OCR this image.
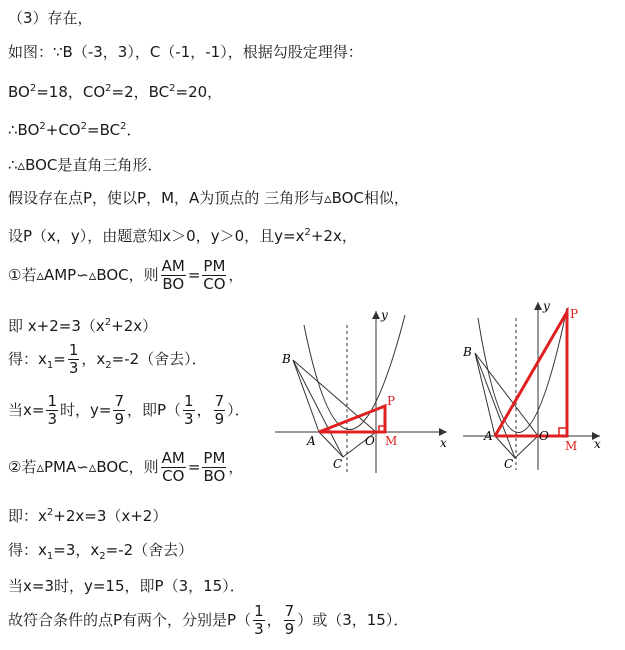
（3）存在，
如图：∵B（-3，3），C（-1，-1），根据勾股定理得：
$BO^2=18$，$CO^2=2$，$BC^2=20$，
$\therefore BO^2+CO^2=BC^2$．
∴▵BOC是直角三角形．
假设存在点P，使以P，M，A为顶点的 三角形与▵BOC相似，
设P（x，y），由题意知x＞0，y＞0，且$y=x^2+2x$，
①若▵AMP∽▵BOC，则 $\frac{AM}{BO} = \frac{PM}{CO}$ ，
即 $x+2=3(x^2+2x)$
得：$x_1= \frac{1}{3}$ ，$x_2=-2$（舍去）．
当$x= \frac{1}{3}$ 时，$y= \frac{7}{9}$ ，即$P( \frac{1}{3}$ ， $\frac{7}{9}$ ）．
②若▵PMA∽▵BOC，则 $\frac{AM}{CO} = \frac{PM}{BO}$ ，
即：$x^2+2x=3(x+2)$
得：$x_1=3$，$x_2=-2$（舍去）
当x=3时，y=15，即P（3，15）．
故符合条件的点P有两个，分别是$P( \frac{1}{3}$ ， $\frac{7}{9}$ ）或（3，15）．
B
A
C
O
P
M	x
y
B
A
C
O
P
M x
y
